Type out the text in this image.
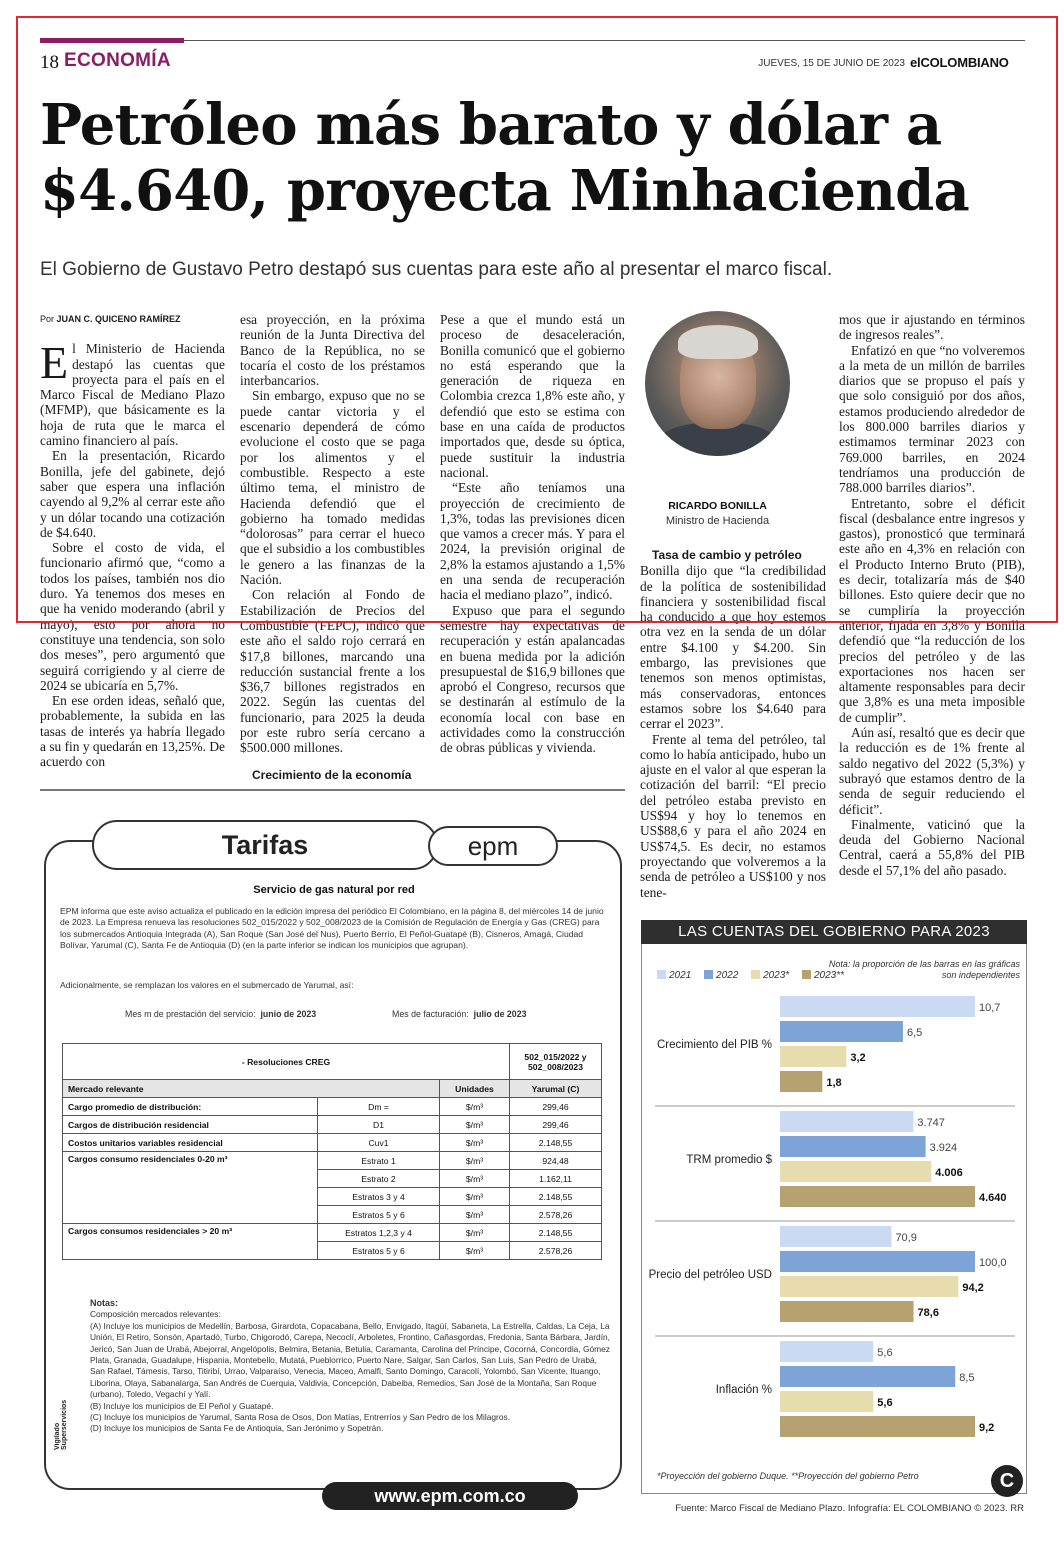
18 ECONOMÍA	JUEVES, 15 DE JUNIO DE 2023 elCOLOMBIANO
Petróleo más barato y dólar a $4.640, proyecta Minhacienda
El Gobierno de Gustavo Petro destapó sus cuentas para este año al presentar el marco fiscal.
Por JUAN C. QUICENO RAMÍREZ

El Ministerio de Hacienda destapó las cuentas que proyecta para el país en el Marco Fiscal de Mediano Plazo (MFMP), que básicamente es la hoja de ruta que le marca el camino financiero al país.

En la presentación, Ricardo Bonilla, jefe del gabinete, dejó saber que espera una inflación cayendo al 9,2% al cerrar este año y un dólar tocando una cotización de $4.640.

Sobre el costo de vida, el funcionario afirmó que, “como a todos los países, también nos dio duro. Ya tenemos dos meses en que ha venido moderando (abril y mayo), esto por ahora no constituye una tendencia, son solo dos meses”, pero argumentó que seguirá corrigiendo y al cierre de 2024 se ubicaría en 5,7%.

En ese orden ideas, señaló que, probablemente, la subida en las tasas de interés ya habría llegado a su fin y quedarán en 13,25%. De acuerdo con

esa proyección, en la próxima reunión de la Junta Directiva del Banco de la República, no se tocaría el costo de los préstamos interbancarios.

Sin embargo, expuso que no se puede cantar victoria y el escenario dependerá de cómo evolucione el costo que se paga por los alimentos y el combustible. Respecto a este último tema, el ministro de Hacienda defendió que el gobierno ha tomado medidas “dolorosas” para cerrar el hueco que el subsidio a los combustibles le genero a las finanzas de la Nación.

Con relación al Fondo de Estabilización de Precios del Combustible (FEPC), indicó que este año el saldo rojo cerrará en $17,8 billones, marcando una reducción sustancial frente a los $36,7 billones registrados en 2022. Según las cuentas del funcionario, para 2025 la deuda por este rubro sería cercano a $500.000 millones.

Crecimiento de la economía

Pese a que el mundo está un proceso de desaceleración, Bonilla comunicó que el gobierno no está esperando que la generación de riqueza en Colombia crezca 1,8% este año, y defendió que esto se estima con base en una caída de productos importados que, desde su óptica, puede sustituir la industria nacional.

“Este año teníamos una proyección de crecimiento de 1,3%, todas las previsiones dicen que vamos a crecer más. Y para el 2024, la previsión original de 2,8% la estamos ajustando a 1,5% en una senda de recuperación hacia el mediano plazo”, indicó.

Expuso que para el segundo semestre hay expectativas de recuperación y están apalancadas en buena medida por la adición presupuestal de $16,9 billones que aprobó el Congreso, recursos que se destinarán al estímulo de la economía local con base en actividades como la construcción de obras públicas y vivienda.

RICARDO BONILLA
Ministro de Hacienda

Tasa de cambio y petróleo

Bonilla dijo que “la credibilidad de la política de sostenibilidad financiera y sostenibilidad fiscal ha conducido a que hoy estemos otra vez en la senda de un dólar entre $4.100 y $4.200. Sin embargo, las previsiones que tenemos son menos optimistas, más conservadoras, entonces estamos sobre los $4.640 para cerrar el 2023”.

Frente al tema del petróleo, tal como lo había anticipado, hubo un ajuste en el valor al que esperan la cotización del barril: “El precio del petróleo estaba previsto en US$94 y hoy lo tenemos en US$88,6 y para el año 2024 en US$74,5. Es decir, no estamos proyectando que volveremos a la senda de petróleo a US$100 y nos tene-

mos que ir ajustando en términos de ingresos reales”.

Enfatizó en que “no volveremos a la meta de un millón de barriles diarios que se propuso el país y que solo consiguió por dos años, estamos produciendo alrededor de los 800.000 barriles diarios y estimamos terminar 2023 con 769.000 barriles, en 2024 tendríamos una producción de 788.000 barriles diarios”.

Entretanto, sobre el déficit fiscal (desbalance entre ingresos y gastos), pronosticó que terminará este año en 4,3% en relación con el Producto Interno Bruto (PIB), es decir, totalizaría más de $40 billones. Esto quiere decir que no se cumpliría la proyección anterior, fijada en 3,8% y Bonilla defendió que “la reducción de los precios del petróleo y de las exportaciones nos hacen ser altamente responsables para decir que 3,8% es una meta imposible de cumplir”.

Aún así, resaltó que es decir que la reducción es de 1% frente al saldo negativo del 2022 (5,3%) y subrayó que estamos dentro de la senda de seguir reduciendo el déficit”.

Finalmente, vaticinó que la deuda del Gobierno Nacional Central, caerá a 55,8% del PIB desde el 57,1% del año pasado.

Tarifas	epm
Servicio de gas natural por red
EPM informa que este aviso actualiza el publicado en la edición impresa del periódico El Colombiano, en la página 8, del miércoles 14 de junio de 2023. La Empresa renueva las resoluciones 502_015/2022 y 502_008/2023 de la Comisión de Regulación de Energía y Gas (CREG) para los submercados Antioquia Integrada (A), San Roque (San José del Nus), Puerto Berrío, El Peñol-Guatapé (B), Cisneros, Amagá, Ciudad Bolívar, Yarumal (C), Santa Fe de Antioquia (D) (en la parte inferior se indican los municipios que agrupan).
Adicionalmente, se remplazan los valores en el submercado de Yarumal, así:
Mes m de prestación del servicio: junio de 2023	Mes de facturación: julio de 2023
- Resoluciones CREG			502_015/2022 y 502_008/2023
Mercado relevante		Unidades	Yarumal (C)
Cargo promedio de distribución:	Dm =	$/m³	299,46
Cargos de distribución residencial	D1	$/m³	299,46
Costos unitarios variables residencial	Cuv1	$/m³	2.148,55
Cargos consumo residenciales 0-20 m³	Estrato 1	$/m³	924,48
	Estrato 2	$/m³	1.162,11
	Estratos 3 y 4	$/m³	2.148,55
	Estratos 5 y 6	$/m³	2.578,26
Cargos consumos residenciales > 20 m³	Estratos 1,2,3 y 4	$/m³	2.148,55
	Estratos 5 y 6	$/m³	2.578,26
Notas:
Composición mercados relevantes:
(A) Incluye los municipios de Medellín, Barbosa, Girardota, Copacabana, Bello, Envigado, Itagüí, Sabaneta, La Estrella, Caldas, La Ceja, La Unión, El Retiro, Sonsón, Apartadó, Turbo, Chigorodó, Carepa, Necoclí, Arboletes, Frontino, Cañasgordas, Fredonia, Santa Bárbara, Jardín, Jericó, San Juan de Urabá, Abejorral, Angelópolis, Belmira, Betania, Betulia, Caramanta, Carolina del Príncipe, Cocorná, Concordia, Gómez Plata, Granada, Guadalupe, Hispania, Montebello, Mutatá, Pueblorrico, Puerto Nare, Salgar, San Carlos, San Luis, San Pedro de Urabá, San Rafael, Támesis, Tarso, Titiribí, Urrao, Valparaíso, Venecia, Maceo, Amalfi, Santo Domingo, Caracolí, Yolombó, San Vicente, Ituango, Liborina, Olaya, Sabanalarga, San Andrés de Cuerquia, Valdivia, Concepción, Dabeiba, Remedios, San José de la Montaña, San Roque (urbano), Toledo, Vegachí y Yalí.
(B) Incluye los municipios de El Peñol y Guatapé.
(C) Incluye los municipios de Yarumal, Santa Rosa de Osos, Don Matías, Entrerríos y San Pedro de los Milagros.
(D) Incluye los municipios de Santa Fe de Antioquia, San Jerónimo y Sopetrán.
Vigilado Superservicios
www.epm.com.co
LAS CUENTAS DEL GOBIERNO PARA 2023
Nota: la proporción de las barras en las gráficas son independientes
2021 2022 2023* 2023**
Crecimiento del PIB %
10,7
6,5
3,2
1,8
TRM promedio $
3.747
3.924
4.006
4.640
Precio del petróleo USD
70,9
100,0
94,2
78,6
Inflación %
5,6
8,5
5,6
9,2
*Proyección del gobierno Duque. **Proyección del gobierno Petro	C
Fuente: Marco Fiscal de Mediano Plazo. Infografía: EL COLOMBIANO © 2023. RR
